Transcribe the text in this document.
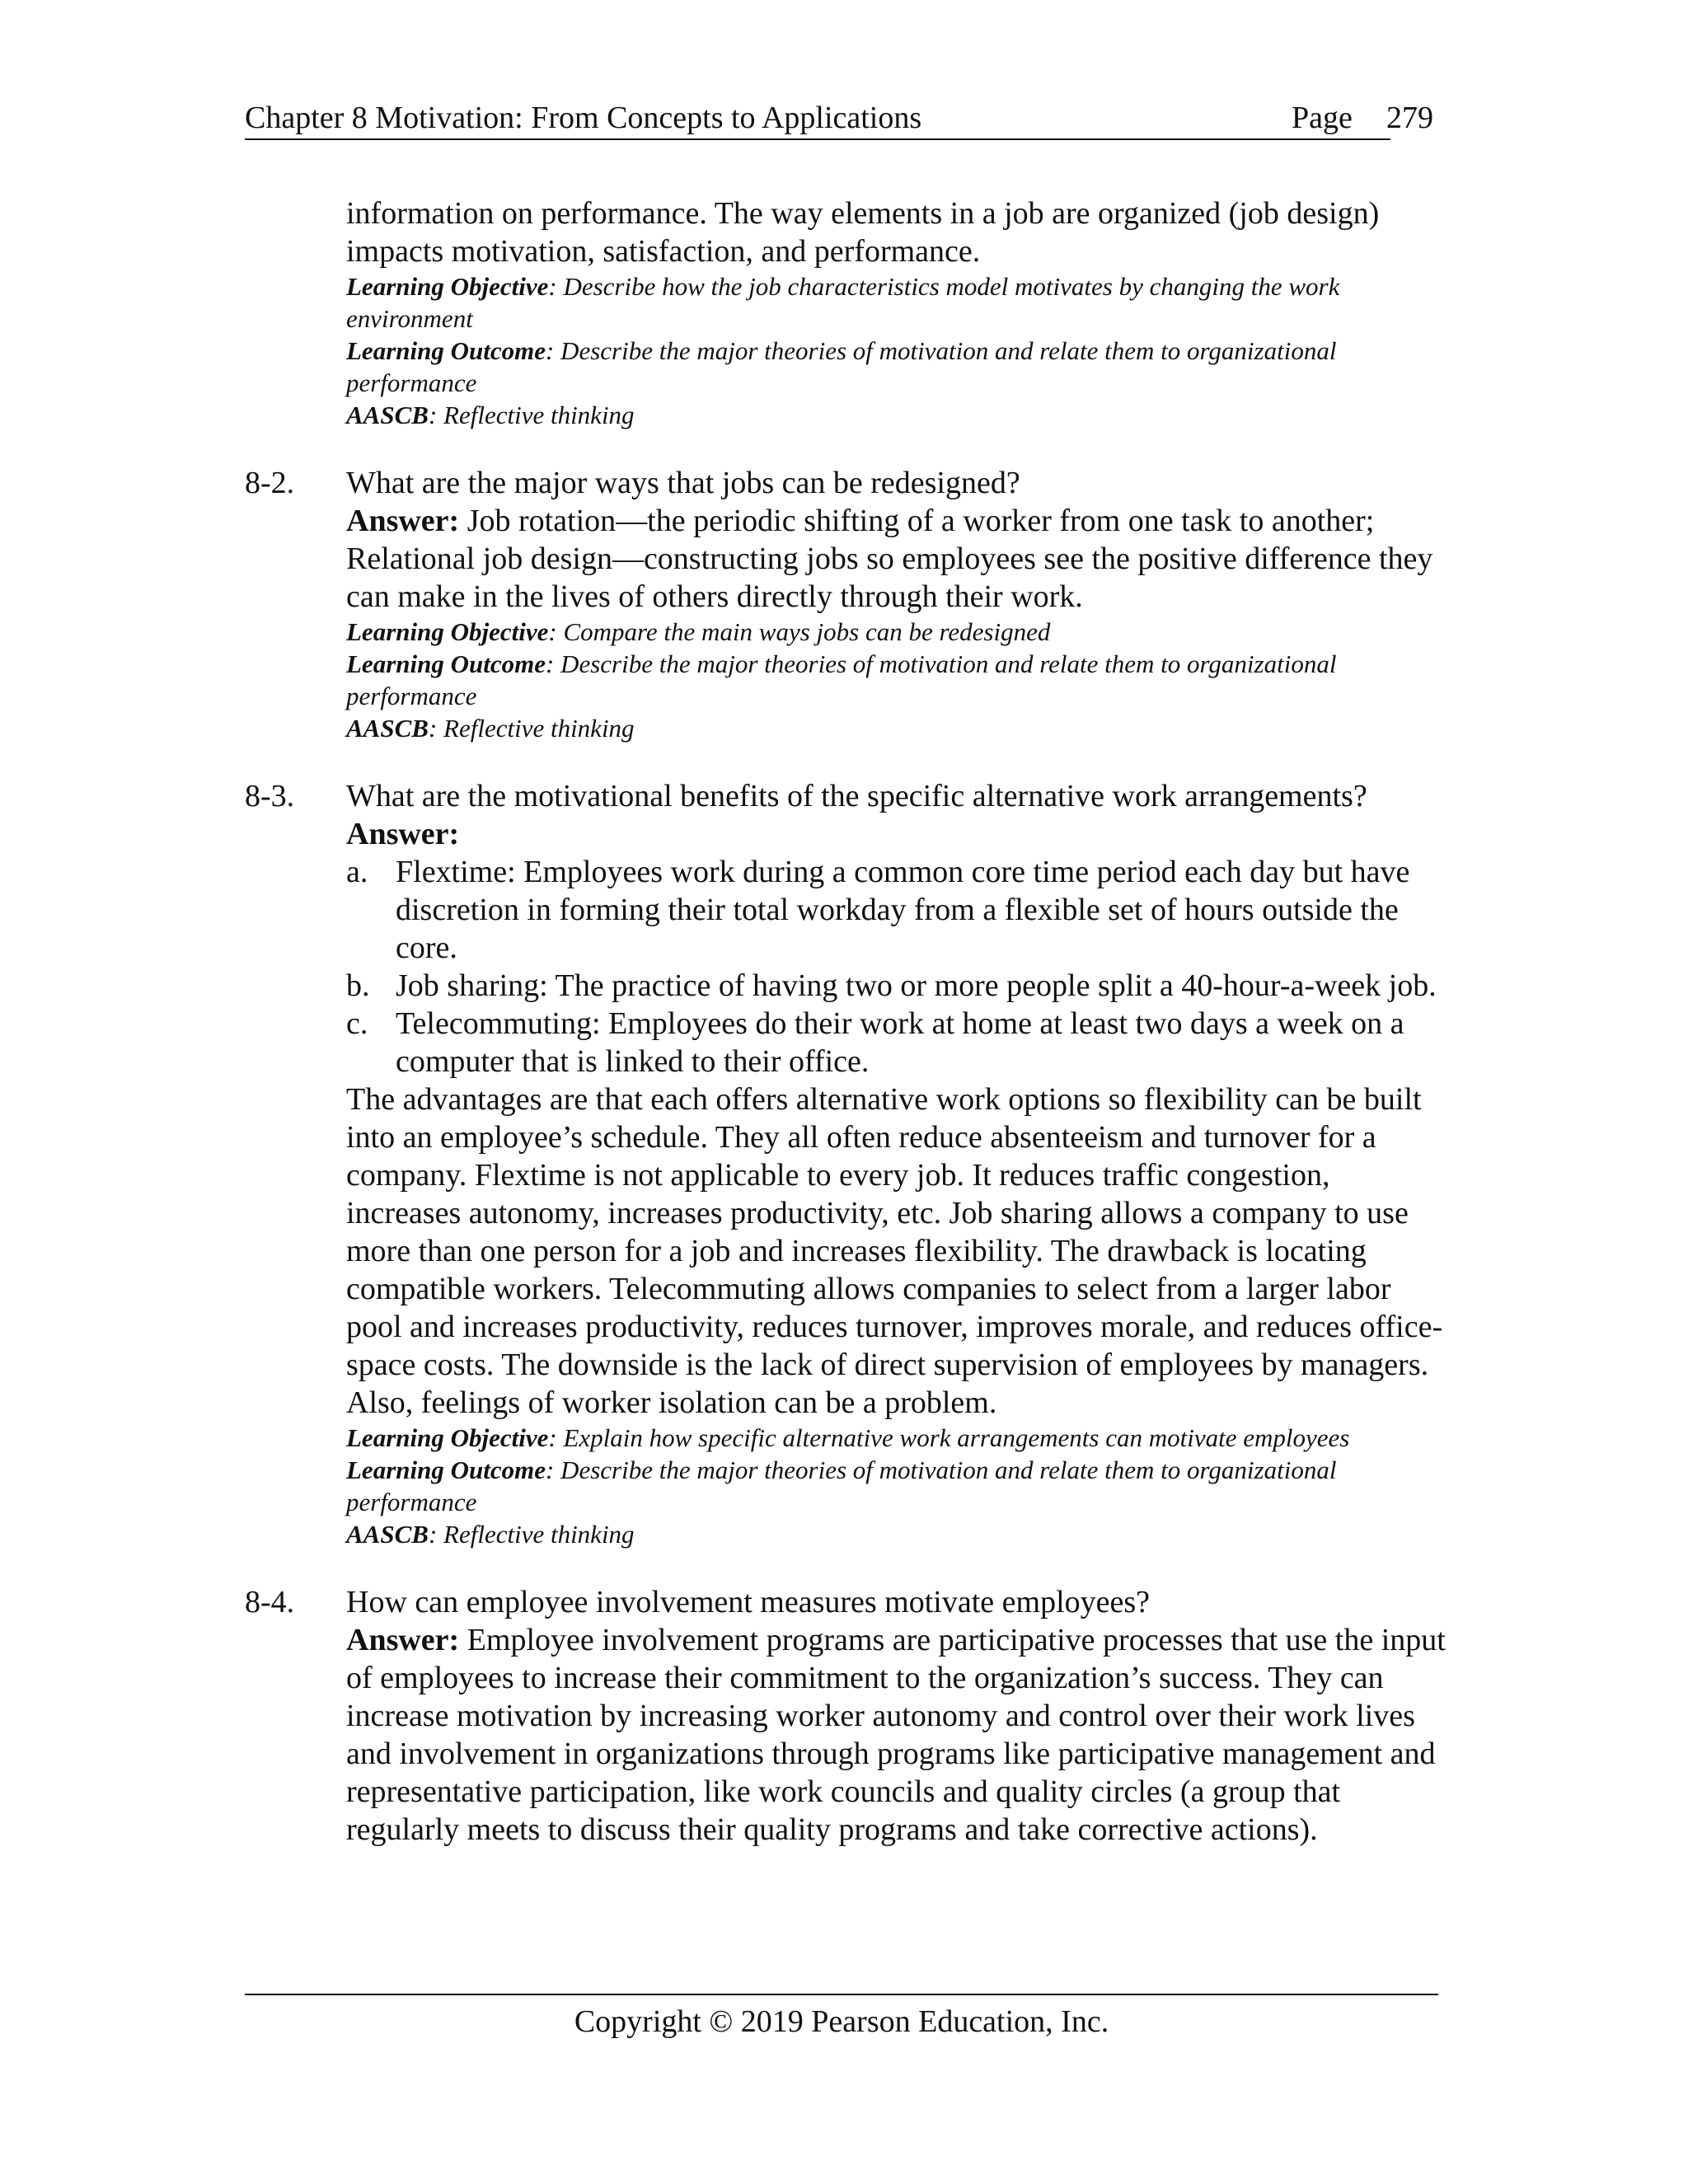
Chapter 8 Motivation: From Concepts to Applications	Page 279

information on performance. The way elements in a job are organized (job design) impacts motivation, satisfaction, and performance.

Learning Objective: Describe how the job characteristics model motivates by changing the work environment

Learning Outcome: Describe the major theories of motivation and relate them to organizational performance

AASCB: Reflective thinking

8-2. What are the major ways that jobs can be redesigned?

Answer: Job rotation—the periodic shifting of a worker from one task to another; Relational job design—constructing jobs so employees see the positive difference they can make in the lives of others directly through their work.

Learning Objective: Compare the main ways jobs can be redesigned

Learning Outcome: Describe the major theories of motivation and relate them to organizational performance

AASCB: Reflective thinking

8-3. What are the motivational benefits of the specific alternative work arrangements?

Answer:

a. Flextime: Employees work during a common core time period each day but have discretion in forming their total workday from a flexible set of hours outside the core.
b. Job sharing: The practice of having two or more people split a 40-hour-a-week job.
c. Telecommuting: Employees do their work at home at least two days a week on a computer that is linked to their office.

The advantages are that each offers alternative work options so flexibility can be built into an employee’s schedule. They all often reduce absenteeism and turnover for a company. Flextime is not applicable to every job. It reduces traffic congestion, increases autonomy, increases productivity, etc. Job sharing allows a company to use more than one person for a job and increases flexibility. The drawback is locating compatible workers. Telecommuting allows companies to select from a larger labor pool and increases productivity, reduces turnover, improves morale, and reduces office-space costs. The downside is the lack of direct supervision of employees by managers. Also, feelings of worker isolation can be a problem.

Learning Objective: Explain how specific alternative work arrangements can motivate employees

Learning Outcome: Describe the major theories of motivation and relate them to organizational performance

AASCB: Reflective thinking

8-4. How can employee involvement measures motivate employees?

Answer: Employee involvement programs are participative processes that use the input of employees to increase their commitment to the organization’s success. They can increase motivation by increasing worker autonomy and control over their work lives and involvement in organizations through programs like participative management and representative participation, like work councils and quality circles (a group that regularly meets to discuss their quality programs and take corrective actions).

Copyright © 2019 Pearson Education, Inc.
